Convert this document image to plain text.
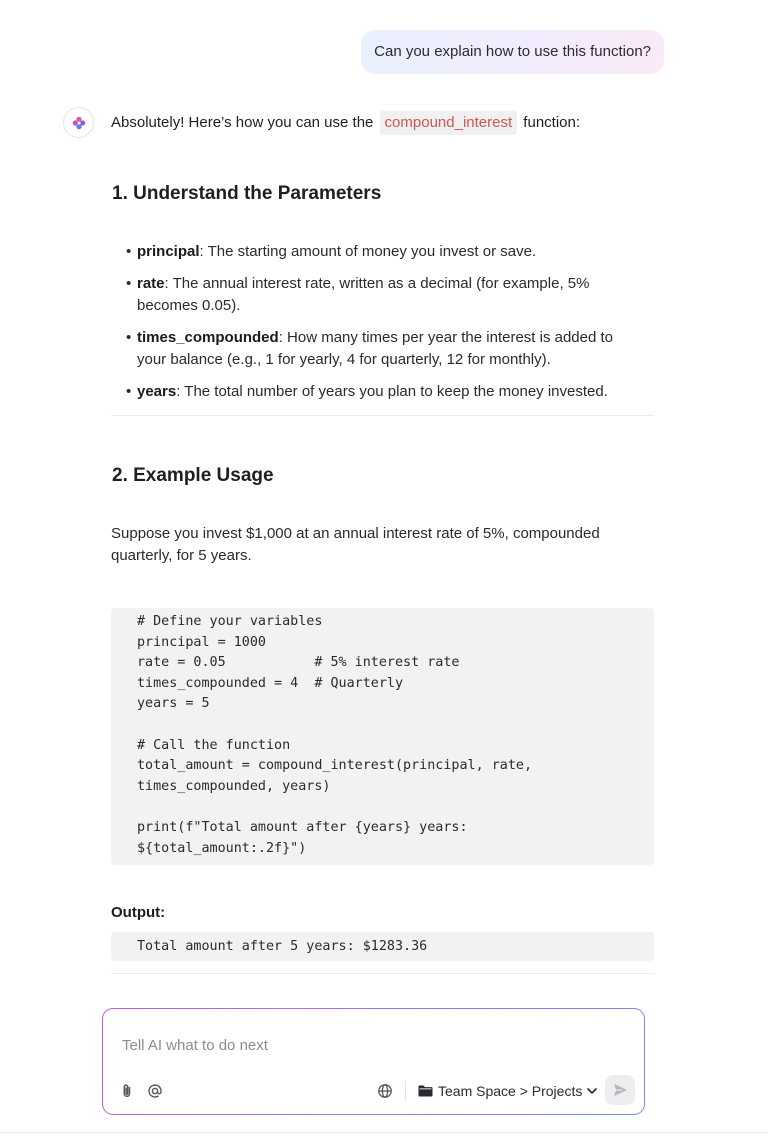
Can you explain how to use this function?
Absolutely! Here’s how you can use the compound_interest function:
1. Understand the Parameters
• principal: The starting amount of money you invest or save.
• rate: The annual interest rate, written as a decimal (for example, 5% becomes 0.05).
• times_compounded: How many times per year the interest is added to your balance (e.g., 1 for yearly, 4 for quarterly, 12 for monthly).
• years: The total number of years you plan to keep the money invested.
2. Example Usage
Suppose you invest $1,000 at an annual interest rate of 5%, compounded quarterly, for 5 years.
# Define your variables
principal = 1000
rate = 0.05           # 5% interest rate
times_compounded = 4  # Quarterly
years = 5
# Call the function
total_amount = compound_interest(principal, rate,
times_compounded, years)
print(f"Total amount after {years} years:
${total_amount:.2f}")
Output:
Total amount after 5 years: $1283.36
Tell AI what to do next
Team Space > Projects
